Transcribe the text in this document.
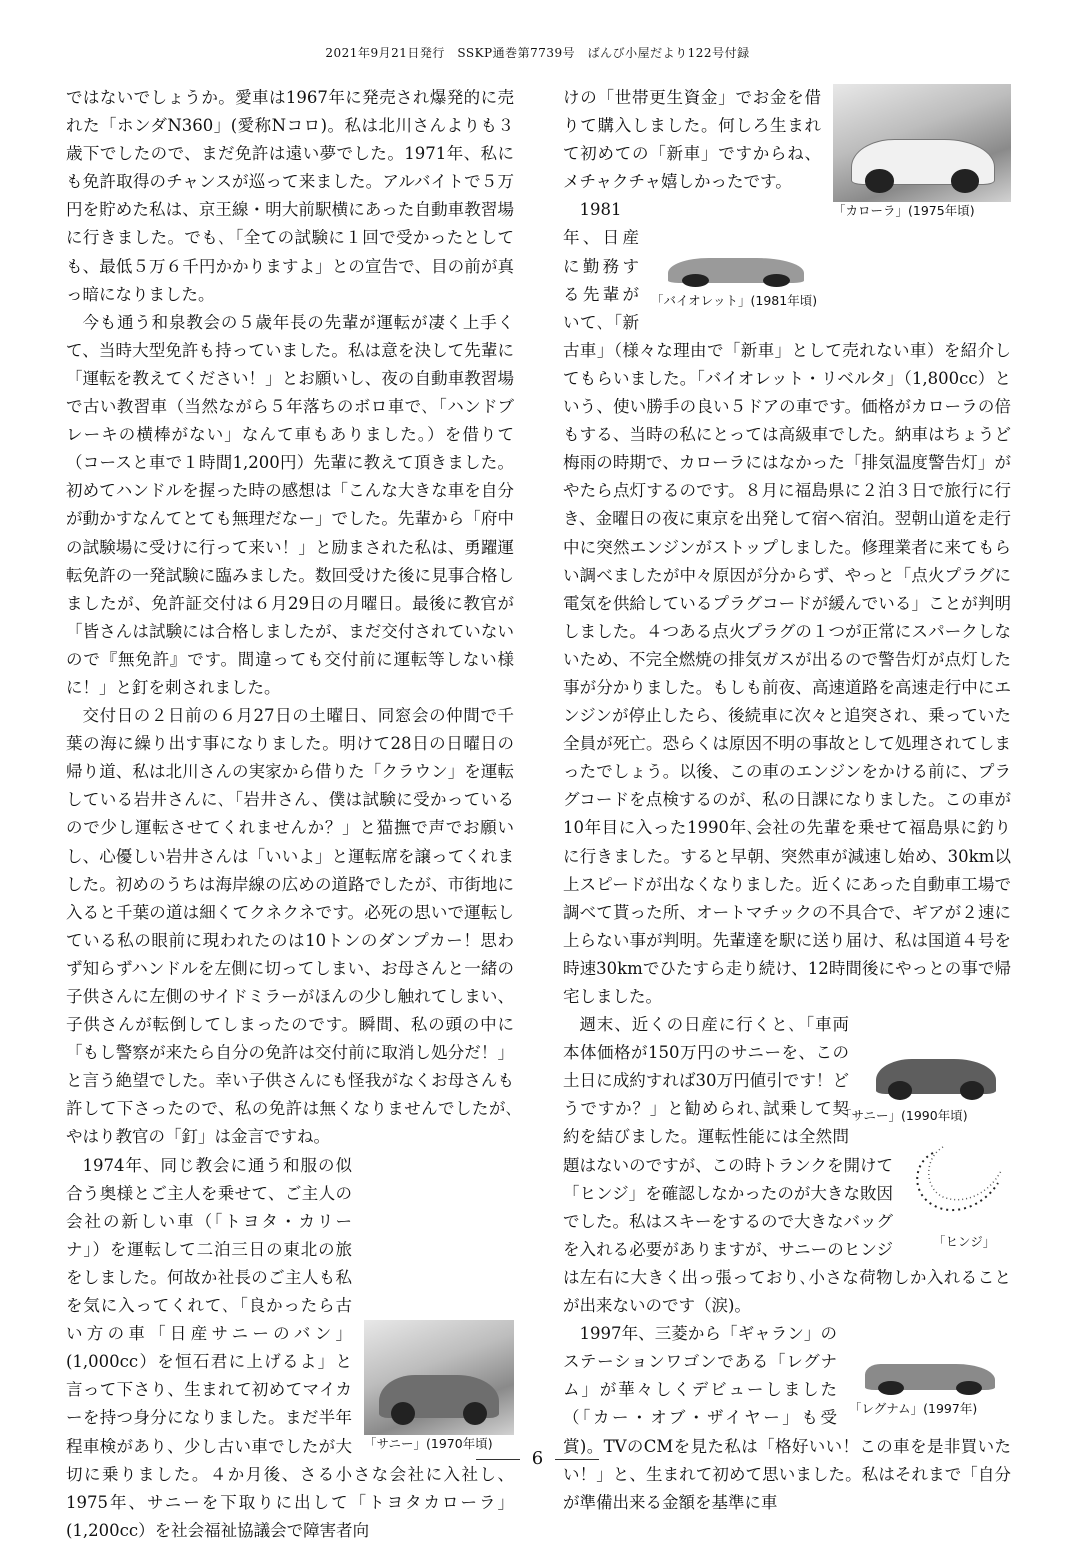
2021年9月21日発行　SSKP通巻第7739号　ばんび小屋だより122号付録

ではないでしょうか。愛車は1967年に発売され爆発的に売れた「ホンダN360」(愛称Nコロ)。私は北川さんよりも３歳下でしたので、まだ免許は遠い夢でした。1971年、私にも免許取得のチャンスが巡って来ました。アルバイトで５万円を貯めた私は、京王線・明大前駅横にあった自動車教習場に行きました。でも､「全ての試験に１回で受かったとしても、最低５万６千円かかりますよ」との宣告で、目の前が真っ暗になりました。

今も通う和泉教会の５歳年長の先輩が運転が凄く上手くて、当時大型免許も持っていました。私は意を決して先輩に「運転を教えてください！」とお願いし、夜の自動車教習場で古い教習車（当然ながら５年落ちのボロ車で､「ハンドブレーキの横棒がない」なんて車もありました。）を借りて（コースと車で１時間1,200円）先輩に教えて頂きました。初めてハンドルを握った時の感想は「こんな大きな車を自分が動かすなんてとても無理だなー」でした。先輩から「府中の試験場に受けに行って来い！」と励まされた私は、勇躍運転免許の一発試験に臨みました。数回受けた後に見事合格しましたが、免許証交付は６月29日の月曜日。最後に教官が「皆さんは試験には合格しましたが、まだ交付されていないので『無免許』です。間違っても交付前に運転等しない様に！」と釘を刺されました。

交付日の２日前の６月27日の土曜日、同窓会の仲間で千葉の海に繰り出す事になりました。明けて28日の日曜日の帰り道、私は北川さんの実家から借りた「クラウン」を運転している岩井さんに､「岩井さん、僕は試験に受かっているので少し運転させてくれませんか？」と猫撫で声でお願いし、心優しい岩井さんは「いいよ」と運転席を譲ってくれました。初めのうちは海岸線の広めの道路でしたが、市街地に入ると千葉の道は細くてクネクネです。必死の思いで運転している私の眼前に現われたのは10トンのダンプカー！思わず知らずハンドルを左側に切ってしまい、お母さんと一緒の子供さんに左側のサイドミラーがほんの少し触れてしまい、子供さんが転倒してしまったのです。瞬間、私の頭の中に「もし警察が来たら自分の免許は交付前に取消し処分だ！」と言う絶望でした。幸い子供さんにも怪我がなくお母さんも許して下さったので、私の免許は無くなりませんでしたが､やはり教官の「釘」は金言ですね。

「サニー」(1970年頃)

1974年、同じ教会に通う和服の似合う奥様とご主人を乗せて、ご主人の会社の新しい車（「トヨタ・カリーナ」）を運転して二泊三日の東北の旅をしました。何故か社長のご主人も私を気に入ってくれて､「良かったら古い方の車「日産サニーのバン」(1,000cc）を恒石君に上げるよ」と言って下さり、生まれて初めてマイカーを持つ身分になりました。まだ半年程車検があり、少し古い車でしたが大切に乗りました。４か月後、さる小さな会社に入社し、1975年、サニーを下取りに出して「トヨタカローラ」(1,200cc）を社会福祉協議会で障害者向

「カローラ」(1975年頃)

けの「世帯更生資金」でお金を借りて購入しました。何しろ生まれて初めての「新車」ですからね、メチャクチャ嬉しかったです。

「バイオレット」(1981年頃)

1981年、日産に勤務する先輩がいて､「新古車」（様々な理由で「新車」として売れない車）を紹介してもらいました｡「バイオレット・リベルタ」（1,800cc）という、使い勝手の良い５ドアの車です。価格がカローラの倍もする、当時の私にとっては高級車でした。納車はちょうど梅雨の時期で、カローラにはなかった「排気温度警告灯」がやたら点灯するのです。８月に福島県に２泊３日で旅行に行き、金曜日の夜に東京を出発して宿へ宿泊。翌朝山道を走行中に突然エンジンがストップしました。修理業者に来てもらい調べましたが中々原因が分からず、やっと「点火プラグに電気を供給しているプラグコードが緩んでいる」ことが判明しました。４つある点火プラグの１つが正常にスパークしないため、不完全燃焼の排気ガスが出るので警告灯が点灯した事が分かりました。もしも前夜、高速道路を高速走行中にエンジンが停止したら、後続車に次々と追突され、乗っていた全員が死亡。恐らくは原因不明の事故として処理されてしまったでしょう。以後、この車のエンジンをかける前に、プラグコードを点検するのが、私の日課になりました。この車が10年目に入った1990年､会社の先輩を乗せて福島県に釣りに行きました。すると早朝、突然車が減速し始め、30km以上スピードが出なくなりました。近くにあった自動車工場で調べて貰った所、オートマチックの不具合で、ギアが２速に上らない事が判明。先輩達を駅に送り届け、私は国道４号を時速30kmでひたすら走り続け、12時間後にやっとの事で帰宅しました。

「サニー」(1990年頃)
「ヒンジ」

週末、近くの日産に行くと､「車両本体価格が150万円のサニーを、この土日に成約すれば30万円値引です！どうですか？」と勧められ､試乗して契約を結びました。運転性能には全然問題はないのですが、この時トランクを開けて「ヒンジ」を確認しなかったのが大きな敗因でした。私はスキーをするので大きなバッグを入れる必要がありますが、サニーのヒンジは左右に大きく出っ張っており､小さな荷物しか入れることが出来ないのです（涙)。

「レグナム」(1997年)

1997年、三菱から「ギャラン」のステーションワゴンである「レグナム」が華々しくデビューしました（「カー・オブ・ザイヤー」も受賞)。TVのCMを見た私は「格好いい！この車を是非買いたい！」と、生まれて初めて思いました。私はそれまで「自分が準備出来る金額を基準に車

6
